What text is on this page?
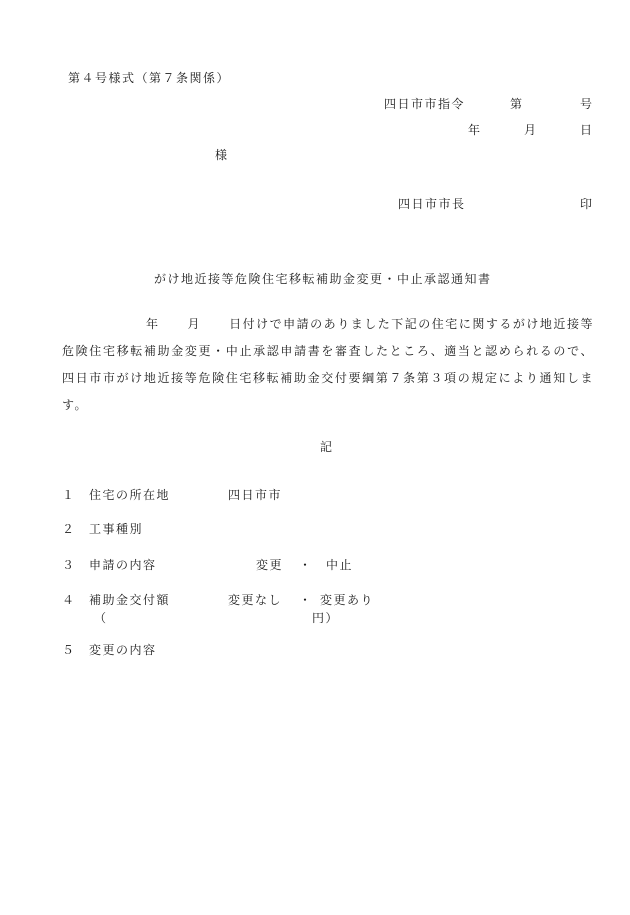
第４号様式（第７条関係）
四日市市指令	第	号
年	月	日
様
四日市市長	印
がけ地近接等危険住宅移転補助金変更・中止承認通知書
年 月 日付けで申請のありました下記の住宅に関するがけ地近接等危険住宅移転補助金変更・中止承認申請書を審査したところ、適当と認められるので、四日市市がけ地近接等危険住宅移転補助金交付要綱第７条第３項の規定により通知します。
記
１ 住宅の所在地	四日市市
２ 工事種別
３ 申請の内容	変更 ・ 中止
４ 補助金交付額	変更なし ・ 変更あり
（	円）
５ 変更の内容
